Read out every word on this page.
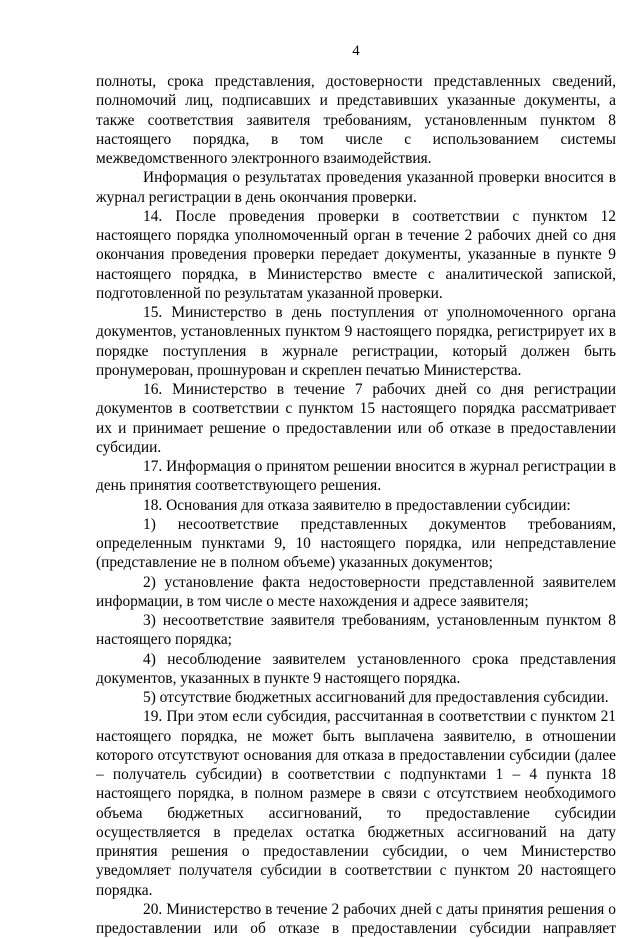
4

полноты, срока представления, достоверности представленных сведений, полномочий лиц, подписавших и представивших указанные документы, а также соответствия заявителя требованиям, установленным пунктом 8 настоящего порядка, в том числе с использованием системы межведомственного электронного взаимодействия.

Информация о результатах проведения указанной проверки вносится в журнал регистрации в день окончания проверки.

14. После проведения проверки в соответствии с пунктом 12 настоящего порядка уполномоченный орган в течение 2 рабочих дней со дня окончания проведения проверки передает документы, указанные в пункте 9 настоящего порядка, в Министерство вместе с аналитической запиской, подготовленной по результатам указанной проверки.

15. Министерство в день поступления от уполномоченного органа документов, установленных пунктом 9 настоящего порядка, регистрирует их в порядке поступления в журнале регистрации, который должен быть пронумерован, прошнурован и скреплен печатью Министерства.

16. Министерство в течение 7 рабочих дней со дня регистрации документов в соответствии с пунктом 15 настоящего порядка рассматривает их и принимает решение о предоставлении или об отказе в предоставлении субсидии.

17. Информация о принятом решении вносится в журнал регистрации в день принятия соответствующего решения.

18. Основания для отказа заявителю в предоставлении субсидии:

1) несоответствие представленных документов требованиям, определенным пунктами 9, 10 настоящего порядка, или непредставление (представление не в полном объеме) указанных документов;

2) установление факта недостоверности представленной заявителем информации, в том числе о месте нахождения и адресе заявителя;

3) несоответствие заявителя требованиям, установленным пунктом 8 настоящего порядка;

4) несоблюдение заявителем установленного срока представления документов, указанных в пункте 9 настоящего порядка.

5) отсутствие бюджетных ассигнований для предоставления субсидии.

19. При этом если субсидия, рассчитанная в соответствии с пунктом 21 настоящего порядка, не может быть выплачена заявителю, в отношении которого отсутствуют основания для отказа в предоставлении субсидии (далее – получатель субсидии) в соответствии с подпунктами 1 – 4 пункта 18 настоящего порядка, в полном размере в связи с отсутствием необходимого объема бюджетных ассигнований, то предоставление субсидии осуществляется в пределах остатка бюджетных ассигнований на дату принятия решения о предоставлении субсидии, о чем Министерство уведомляет получателя субсидии в соответствии с пунктом 20 настоящего порядка.

20. Министерство в течение 2 рабочих дней с даты принятия решения о предоставлении или об отказе в предоставлении субсидии направляет
